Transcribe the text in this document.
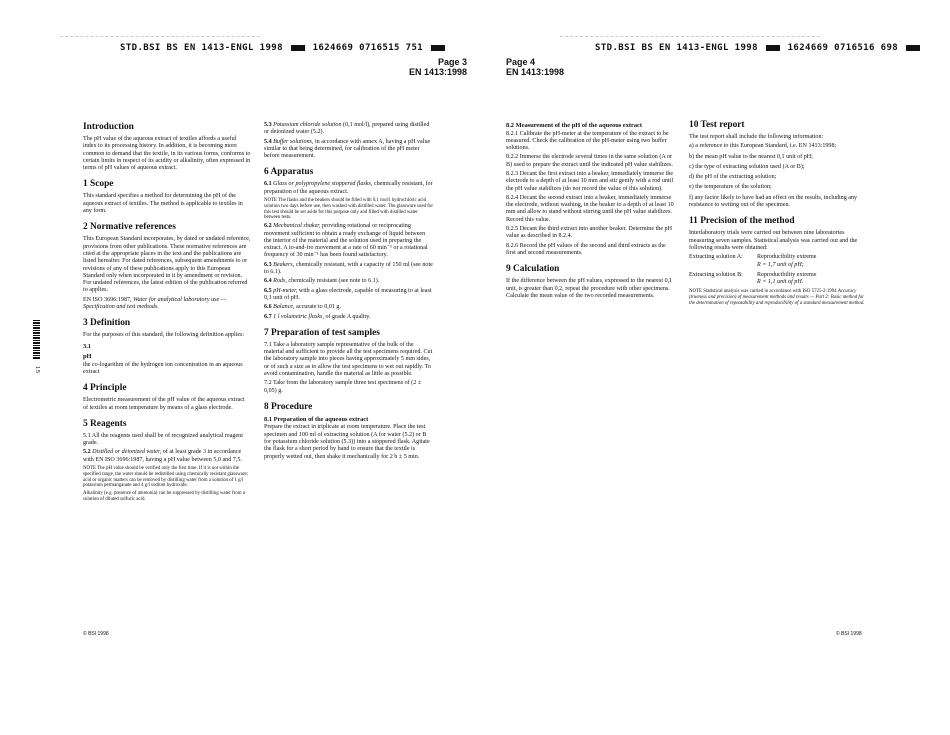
STD.BSI BS EN 1413-ENGL 1998	1624669 0716515 751
Page 3
EN 1413:1998
STD.BSI BS EN 1413-ENGL 1998	1624669 0716516 698
Page 4
EN 1413:1998
1 5
Introduction

The pH value of the aqueous extract of textiles affords a useful index to its processing history. In addition, it is becoming more common to demand that the textile, in its various forms, conforms to certain limits in respect of its acidity or alkalinity, often expressed in terms of pH values of aqueous extract.

1 Scope

This standard specifies a method for determining the pH of the aqueous extract of textiles. The method is applicable to textiles in any form.

2 Normative references

This European Standard incorporates, by dated or undated reference, provisions from other publications. These normative references are cited at the appropriate places in the text and the publications are listed hereafter. For dated references, subsequent amendments to or revisions of any of these publications apply to this European Standard only when incorporated in it by amendment or revision. For undated references, the latest edition of the publication referred to applies.

EN ISO 3696:1987, Water for analytical laboratory use — Specification and test methods.

3 Definition

For the purposes of this standard, the following definition applies:

3.1
pH

the co-logarithm of the hydrogen ion concentration in an aqueous extract

4 Principle

Electrometric measurement of the pH value of the aqueous extract of textiles at room temperature by means of a glass electrode.

5 Reagents

5.1 All the reagents used shall be of recognized analytical reagent grade.

5.2 Distilled or deionized water, of at least grade 3 in accordance with EN ISO 3696:1987, having a pH value between 5,0 and 7,5.

NOTE The pH value should be verified only the first time. If it is not within the specified range, the water should be redistilled using chemically resistant glassware; acid or organic matters can be removed by distilling water from a solution of 1 g/l potassium permanganate and 4 g/l sodium hydroxide.

Alkalinity (e.g. presence of ammonia) can be suppressed by distilling water from a solution of diluted sulfuric acid.

5.3 Potassium chloride solution (0,1 mol/l), prepared using distilled or deionized water (5.2).

5.4 Buffer solutions, in accordance with annex A, having a pH value similar to that being determined, for calibration of the pH meter before measurement.

6 Apparatus

6.1 Glass or polypropylene stoppered flasks, chemically resistant, for preparation of the aqueous extract.

NOTE The flasks and the beakers should be filled with 0,1 mol/l hydrochloric acid solution two days before use, then washed with distilled water. The glassware used for this test should be set aside for this purpose only and filled with distilled water between tests.

6.2 Mechanical shaker, providing rotational or reciprocating movement sufficient to obtain a ready exchange of liquid between the interior of the material and the solution used in preparing the extract. A to-and-fro movement at a rate of 60 min⁻¹ or a rotational frequency of 30 min⁻¹ has been found satisfactory.

6.3 Beakers, chemically resistant, with a capacity of 150 ml (see note to 6.1).

6.4 Rods, chemically resistant (see note to 6.1).

6.5 pH-meter, with a glass electrode, capable of measuring to at least 0,1 unit of pH.

6.6 Balance, accurate to 0,01 g.

6.7 1 l volumetric flasks, of grade A quality.

7 Preparation of test samples

7.1 Take a laboratory sample representative of the bulk of the material and sufficient to provide all the test specimens required. Cut the laboratory sample into pieces having approximately 5 mm sides, or of such a size as to allow the test specimens to wet out rapidly. To avoid contamination, handle the material as little as possible.

7.2 Take from the laboratory sample three test specimens of (2 ± 0,05) g.

8 Procedure
8.1 Preparation of the aqueous extract

Prepare the extract in triplicate at room temperature. Place the test specimen and 100 ml of extracting solution (A for water (5.2) or B for potassium chloride solution (5.3)) into a stoppered flask. Agitate the flask for a short period by hand to ensure that the textile is properly wetted out, then shake it mechanically for 2 h ± 5 min.

8.2 Measurement of the pH of the aqueous extract

8.2.1 Calibrate the pH-meter at the temperature of the extract to be measured. Check the calibration of the pH-meter using two buffer solutions.

8.2.2 Immerse the electrode several times in the same solution (A or B) used to prepare the extract until the indicated pH value stabilizes.

8.2.3 Decant the first extract into a beaker, immediately immerse the electrode to a depth of at least 10 mm and stir gently with a rod until the pH value stabilizes (do not record the value of this solution).

8.2.4 Decant the second extract into a beaker, immediately immerse the electrode, without washing, in the beaker to a depth of at least 10 mm and allow to stand without stirring until the pH value stabilizes. Record this value.

8.2.5 Decant the third extract into another beaker. Determine the pH value as described in 8.2.4.

8.2.6 Record the pH values of the second and third extracts as the first and second measurements.

9 Calculation

If the difference between the pH values, expressed to the nearest 0,1 unit, is greater than 0,2, repeat the procedure with other specimens. Calculate the mean value of the two recorded measurements.

10 Test report

The test report shall include the following information:

a) a reference to this European Standard, i.e. EN 1413:1998;
b) the mean pH value to the nearest 0,1 unit of pH;
c) the type of extracting solution used (A or B);
d) the pH of the extracting solution;
e) the temperature of the solution;
f) any factor likely to have had an effect on the results, including any resistance to wetting out of the specimen.
11 Precision of the method

Interlaboratory trials were carried out between nine laboratories measuring seven samples. Statistical analysis was carried out and the following results were obtained:

Extracting solution A:	Reproducibility extreme
R = 1,7 unit of pH;
Extracting solution B:	Reproducibility extreme
R = 1,1 unit of pH.

NOTE Statistical analysis was carried in accordance with ISO 5725-2:1994 Accuracy (trueness and precision) of measurement methods and results — Part 2: Basic method for the determination of repeatability and reproducibility of a standard measurement method.

© BSI 1998	© BSI 1998
